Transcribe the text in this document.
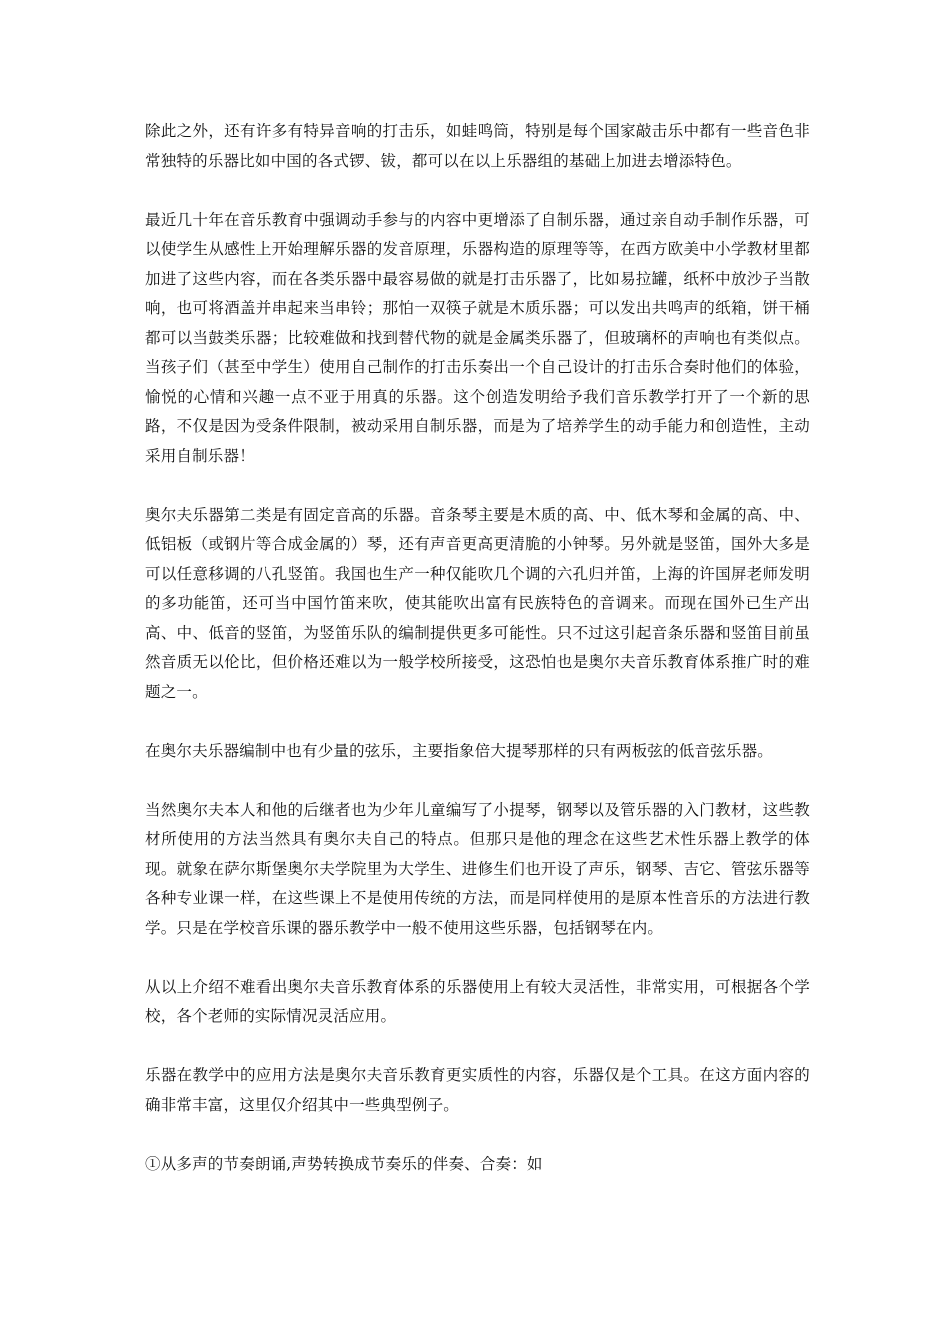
除此之外，还有许多有特异音响的打击乐，如蛙鸣筒，特别是每个国家敲击乐中都有一些音色非常独特的乐器比如中国的各式锣、钹，都可以在以上乐器组的基础上加进去增添特色。

最近几十年在音乐教育中强调动手参与的内容中更增添了自制乐器，通过亲自动手制作乐器，可以使学生从感性上开始理解乐器的发音原理，乐器构造的原理等等，在西方欧美中小学教材里都加进了这些内容，而在各类乐器中最容易做的就是打击乐器了，比如易拉罐，纸杯中放沙子当散响，也可将酒盖并串起来当串铃；那怕一双筷子就是木质乐器；可以发出共鸣声的纸箱，饼干桶都可以当鼓类乐器；比较难做和找到替代物的就是金属类乐器了，但玻璃杯的声响也有类似点。当孩子们（甚至中学生）使用自己制作的打击乐奏出一个自己设计的打击乐合奏时他们的体验，愉悦的心情和兴趣一点不亚于用真的乐器。这个创造发明给予我们音乐教学打开了一个新的思路，不仅是因为受条件限制，被动采用自制乐器，而是为了培养学生的动手能力和创造性，主动采用自制乐器！

奥尔夫乐器第二类是有固定音高的乐器。音条琴主要是木质的高、中、低木琴和金属的高、中、低铝板（或钢片等合成金属的）琴，还有声音更高更清脆的小钟琴。另外就是竖笛，国外大多是可以任意移调的八孔竖笛。我国也生产一种仅能吹几个调的六孔归并笛，上海的许国屏老师发明的多功能笛，还可当中国竹笛来吹，使其能吹出富有民族特色的音调来。而现在国外已生产出高、中、低音的竖笛，为竖笛乐队的编制提供更多可能性。只不过这引起音条乐器和竖笛目前虽然音质无以伦比，但价格还难以为一般学校所接受，这恐怕也是奥尔夫音乐教育体系推广时的难题之一。

在奥尔夫乐器编制中也有少量的弦乐，主要指象倍大提琴那样的只有两板弦的低音弦乐器。

当然奥尔夫本人和他的后继者也为少年儿童编写了小提琴，钢琴以及管乐器的入门教材，这些教材所使用的方法当然具有奥尔夫自己的特点。但那只是他的理念在这些艺术性乐器上教学的体现。就象在萨尔斯堡奥尔夫学院里为大学生、进修生们也开设了声乐，钢琴、吉它、管弦乐器等各种专业课一样，在这些课上不是使用传统的方法，而是同样使用的是原本性音乐的方法进行教学。只是在学校音乐课的器乐教学中一般不使用这些乐器，包括钢琴在内。

从以上介绍不难看出奥尔夫音乐教育体系的乐器使用上有较大灵活性，非常实用，可根据各个学校，各个老师的实际情况灵活应用。

乐器在教学中的应用方法是奥尔夫音乐教育更实质性的内容，乐器仅是个工具。在这方面内容的确非常丰富，这里仅介绍其中一些典型例子。

①从多声的节奏朗诵,声势转换成节奏乐的伴奏、合奏：如
